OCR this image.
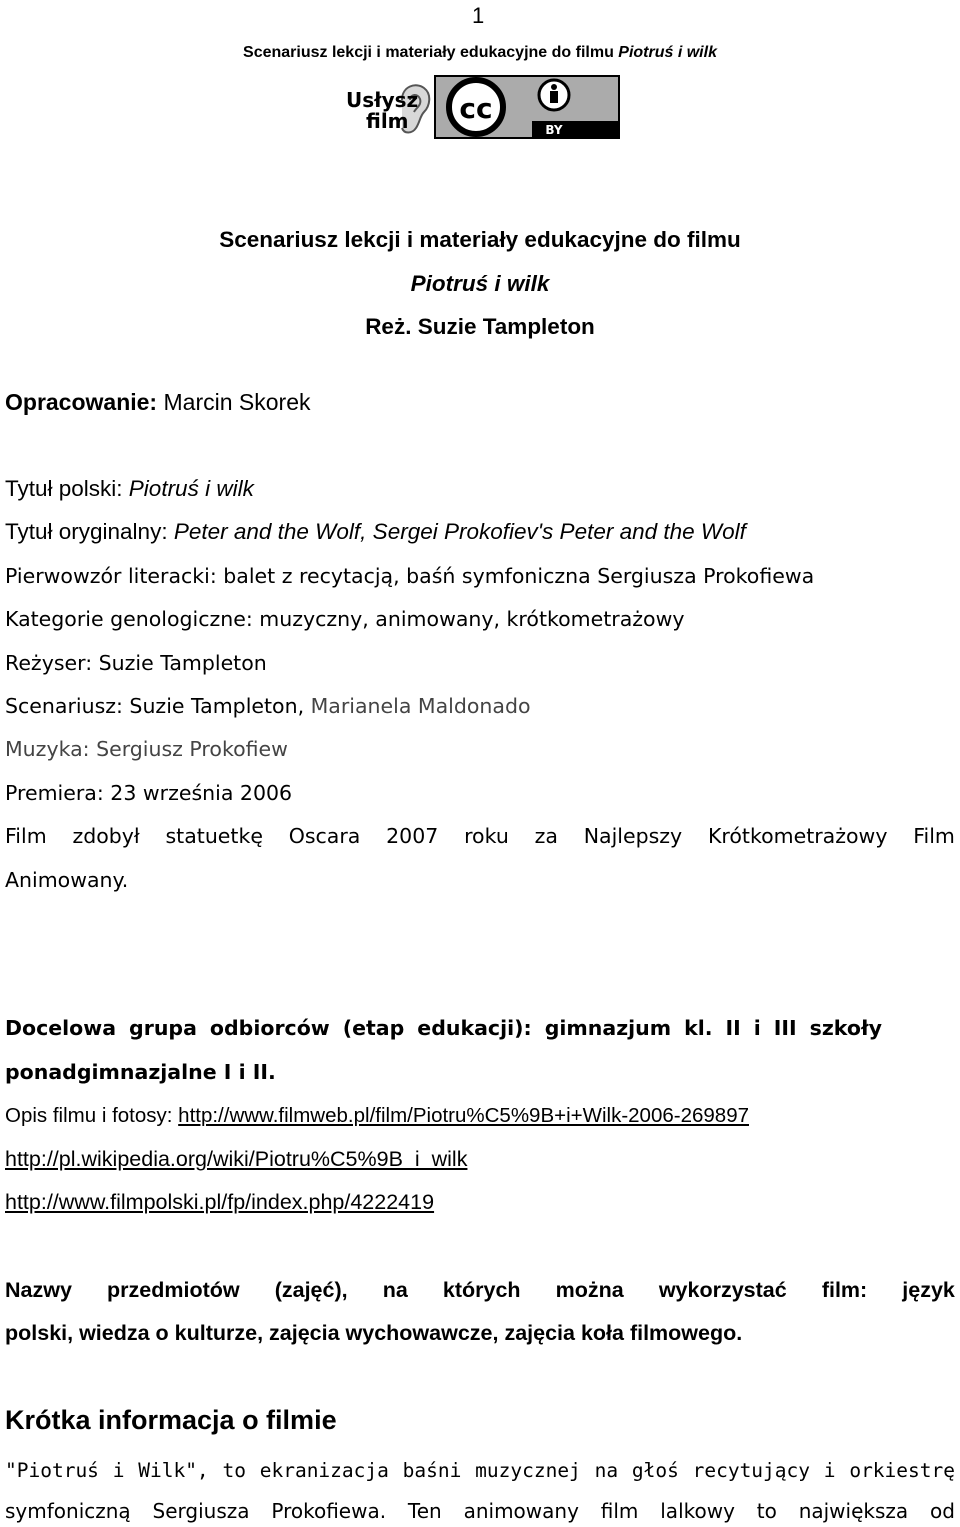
1
Scenariusz lekcji i materiały edukacyjne do filmu Piotruś i wilk
Usłysz
film cc
BY
Scenariusz lekcji i materiały edukacyjne do filmu
Piotruś i wilk
Reż. Suzie Tampleton
Opracowanie: Marcin Skorek
Tytuł polski: Piotruś i wilk
Tytuł oryginalny: Peter and the Wolf, Sergei Prokofiev's Peter and the Wolf
Pierwowzór literacki: balet z recytacją, baśń symfoniczna Sergiusza Prokofiewa
Kategorie genologiczne: muzyczny, animowany, krótkometrażowy
Reżyser: Suzie Tampleton
Scenariusz: Suzie Tampleton, Marianela Maldonado
Muzyka: Sergiusz Prokofiew
Premiera: 23 września 2006
Film zdobył statuetkę Oscara 2007 roku za Najlepszy Krótkometrażowy Film
Animowany.
Docelowa grupa odbiorców (etap edukacji): gimnazjum kl. II i III szkoły
ponadgimnazjalne I i II.
Opis filmu i fotosy: http://www.filmweb.pl/film/Piotru%C5%9B+i+Wilk-2006-269897
http://pl.wikipedia.org/wiki/Piotru%C5%9B_i_wilk
http://www.filmpolski.pl/fp/index.php/4222419
Nazwy przedmiotów (zajęć), na których można wykorzystać film: język
polski, wiedza o kulturze, zajęcia wychowawcze, zajęcia koła filmowego.
Krótka informacja o filmie
"Piotruś i Wilk", to ekranizacja baśni muzycznej na głoś recytujący i orkiestrę
symfoniczną Sergiusza Prokofiewa. Ten animowany film lalkowy to największa od
